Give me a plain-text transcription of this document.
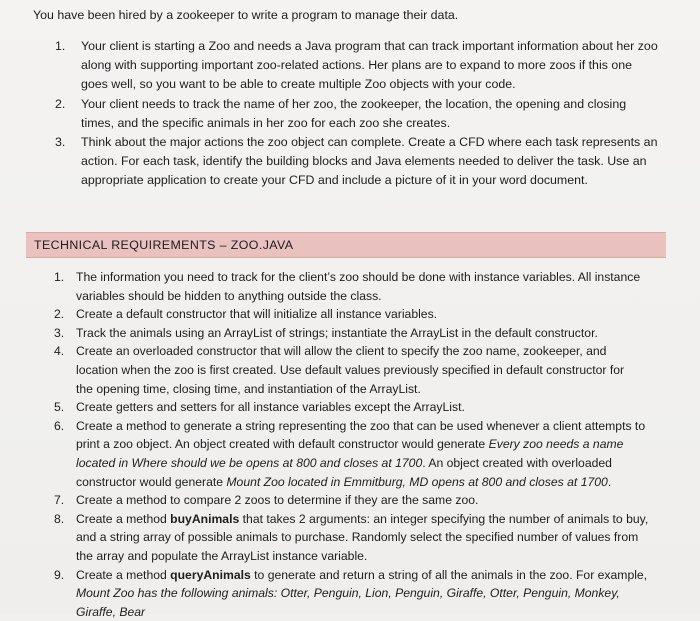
You have been hired by a zookeeper to write a program to manage their data.

1.	Your client is starting a Zoo and needs a Java program that can track important information about her zoo
along with supporting important zoo-related actions. Her plans are to expand to more zoos if this one
goes well, so you want to be able to create multiple Zoo objects with your code.
2.	Your client needs to track the name of her zoo, the zookeeper, the location, the opening and closing
times, and the specific animals in her zoo for each zoo she creates.
3.	Think about the major actions the zoo object can complete. Create a CFD where each task represents an
action. For each task, identify the building blocks and Java elements needed to deliver the task. Use an
appropriate application to create your CFD and include a picture of it in your word document.

TECHNICAL REQUIREMENTS – ZOO.JAVA

1. The information you need to track for the client’s zoo should be done with instance variables. All instance
variables should be hidden to anything outside the class.
2. Create a default constructor that will initialize all instance variables.
3. Track the animals using an ArrayList of strings; instantiate the ArrayList in the default constructor.
4. Create an overloaded constructor that will allow the client to specify the zoo name, zookeeper, and
location when the zoo is first created. Use default values previously specified in default constructor for
the opening time, closing time, and instantiation of the ArrayList.
5. Create getters and setters for all instance variables except the ArrayList.
6. Create a method to generate a string representing the zoo that can be used whenever a client attempts to
print a zoo object. An object created with default constructor would generate Every zoo needs a name
located in Where should we be opens at 800 and closes at 1700. An object created with overloaded
constructor would generate Mount Zoo located in Emmitburg, MD opens at 800 and closes at 1700.
7. Create a method to compare 2 zoos to determine if they are the same zoo.
8. Create a method buyAnimals that takes 2 arguments: an integer specifying the number of animals to buy,
and a string array of possible animals to purchase. Randomly select the specified number of values from
the array and populate the ArrayList instance variable.
9. Create a method queryAnimals to generate and return a string of all the animals in the zoo. For example,
Mount Zoo has the following animals: Otter, Penguin, Lion, Penguin, Giraffe, Otter, Penguin, Monkey,
Giraffe, Bear
